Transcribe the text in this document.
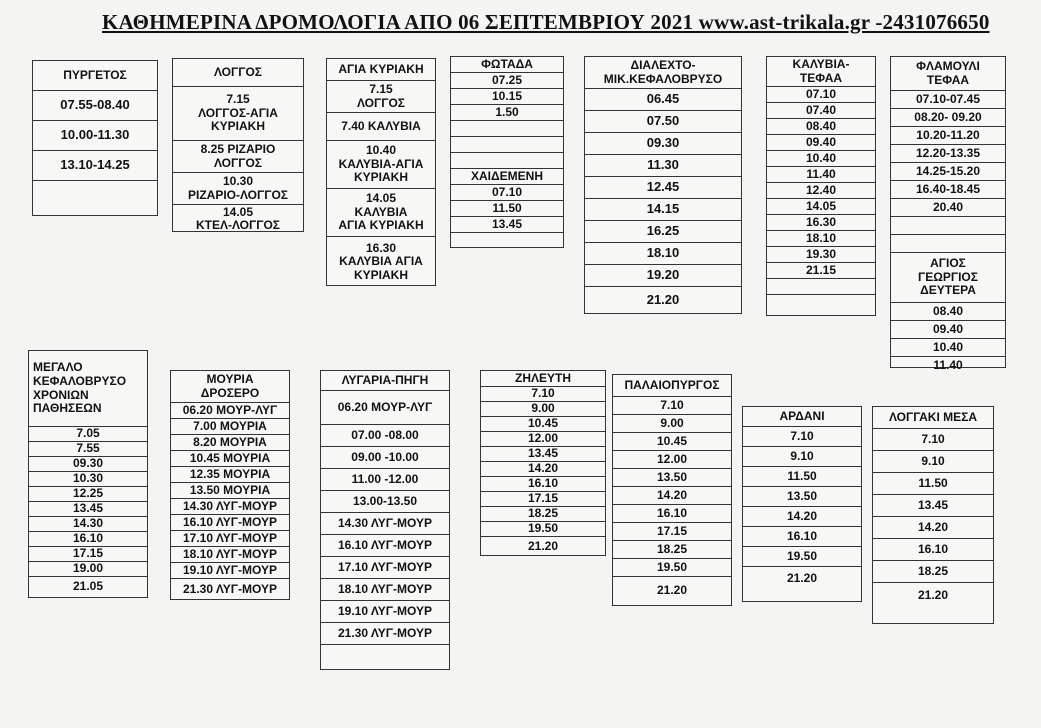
ΚΑΘΗΜΕΡΙΝΑ ΔΡΟΜΟΛΟΓΙΑ ΑΠΟ 06 ΣΕΠΤΕΜΒΡΙΟΥ 2021 www.ast-trikala.gr -2431076650
ΠΥΡΓΕΤΟΣ
07.55-08.40
10.00-11.30
13.10-14.25
ΛΟΓΓΟΣ
7.15
ΛΟΓΓΟΣ-ΑΓΙΑ
ΚΥΡΙΑΚΗ
8.25 ΡΙΖΑΡΙΟ
ΛΟΓΓΟΣ
10.30
ΡΙΖΑΡΙΟ-ΛΟΓΓΟΣ
14.05
ΚΤΕΛ-ΛΟΓΓΟΣ
ΑΓΙΑ ΚΥΡΙΑΚΗ
7.15
ΛΟΓΓΟΣ
7.40 ΚΑΛΥΒΙΑ
10.40
ΚΑΛΥΒΙΑ-ΑΓΙΑ
ΚΥΡΙΑΚΗ
14.05
ΚΑΛΥΒΙΑ
ΑΓΙΑ ΚΥΡΙΑΚΗ
16.30
ΚΑΛΥΒΙΑ ΑΓΙΑ
ΚΥΡΙΑΚΗ
ΦΩΤΑΔΑ
07.25
10.15
1.50
ΧΑΙΔΕΜΕΝΗ
07.10
11.50
13.45
ΔΙΑΛΕΧΤΟ-
ΜΙΚ.ΚΕΦΑΛΟΒΡΥΣΟ
06.45
07.50
09.30
11.30
12.45
14.15
16.25
18.10
19.20
21.20
ΚΑΛΥΒΙΑ-
ΤΕΦΑΑ
07.10
07.40
08.40
09.40
10.40
11.40
12.40
14.05
16.30
18.10
19.30
21.15
ΦΛΑΜΟΥΛΙ
ΤΕΦΑΑ
07.10-07.45
08.20- 09.20
10.20-11.20
12.20-13.35
14.25-15.20
16.40-18.45
20.40
ΑΓΙΟΣ
ΓΕΩΡΓΙΟΣ
ΔΕΥΤΕΡΑ
08.40
09.40
10.40
11.40
ΜΕΓΑΛΟ
ΚΕΦΑΛΟΒΡΥΣΟ
ΧΡΟΝΙΩΝ
ΠΑΘΗΣΕΩΝ
7.05
7.55
09.30
10.30
12.25
13.45
14.30
16.10
17.15
19.00
21.05
ΜΟΥΡΙΑ
ΔΡΟΣΕΡΟ
06.20 ΜΟΥΡ-ΛΥΓ
7.00 ΜΟΥΡΙΑ
8.20 ΜΟΥΡΙΑ
10.45 ΜΟΥΡΙΑ
12.35 ΜΟΥΡΙΑ
13.50 ΜΟΥΡΙΑ
14.30 ΛΥΓ-ΜΟΥΡ
16.10 ΛΥΓ-ΜΟΥΡ
17.10 ΛΥΓ-ΜΟΥΡ
18.10 ΛΥΓ-ΜΟΥΡ
19.10 ΛΥΓ-ΜΟΥΡ
21.30 ΛΥΓ-ΜΟΥΡ
ΛΥΓΑΡΙΑ-ΠΗΓΗ
06.20 ΜΟΥΡ-ΛΥΓ
07.00 -08.00
09.00 -10.00
11.00 -12.00
13.00-13.50
14.30 ΛΥΓ-ΜΟΥΡ
16.10 ΛΥΓ-ΜΟΥΡ
17.10 ΛΥΓ-ΜΟΥΡ
18.10 ΛΥΓ-ΜΟΥΡ
19.10 ΛΥΓ-ΜΟΥΡ
21.30 ΛΥΓ-ΜΟΥΡ
ΖΗΛΕΥΤΗ
7.10
9.00
10.45
12.00
13.45
14.20
16.10
17.15
18.25
19.50
21.20
ΠΑΛΑΙΟΠΥΡΓΟΣ
7.10
9.00
10.45
12.00
13.50
14.20
16.10
17.15
18.25
19.50
21.20
ΑΡΔΑΝΙ
7.10
9.10
11.50
13.50
14.20
16.10
19.50
21.20
ΛΟΓΓΑΚΙ ΜΕΣΑ
7.10
9.10
11.50
13.45
14.20
16.10
18.25
21.20
